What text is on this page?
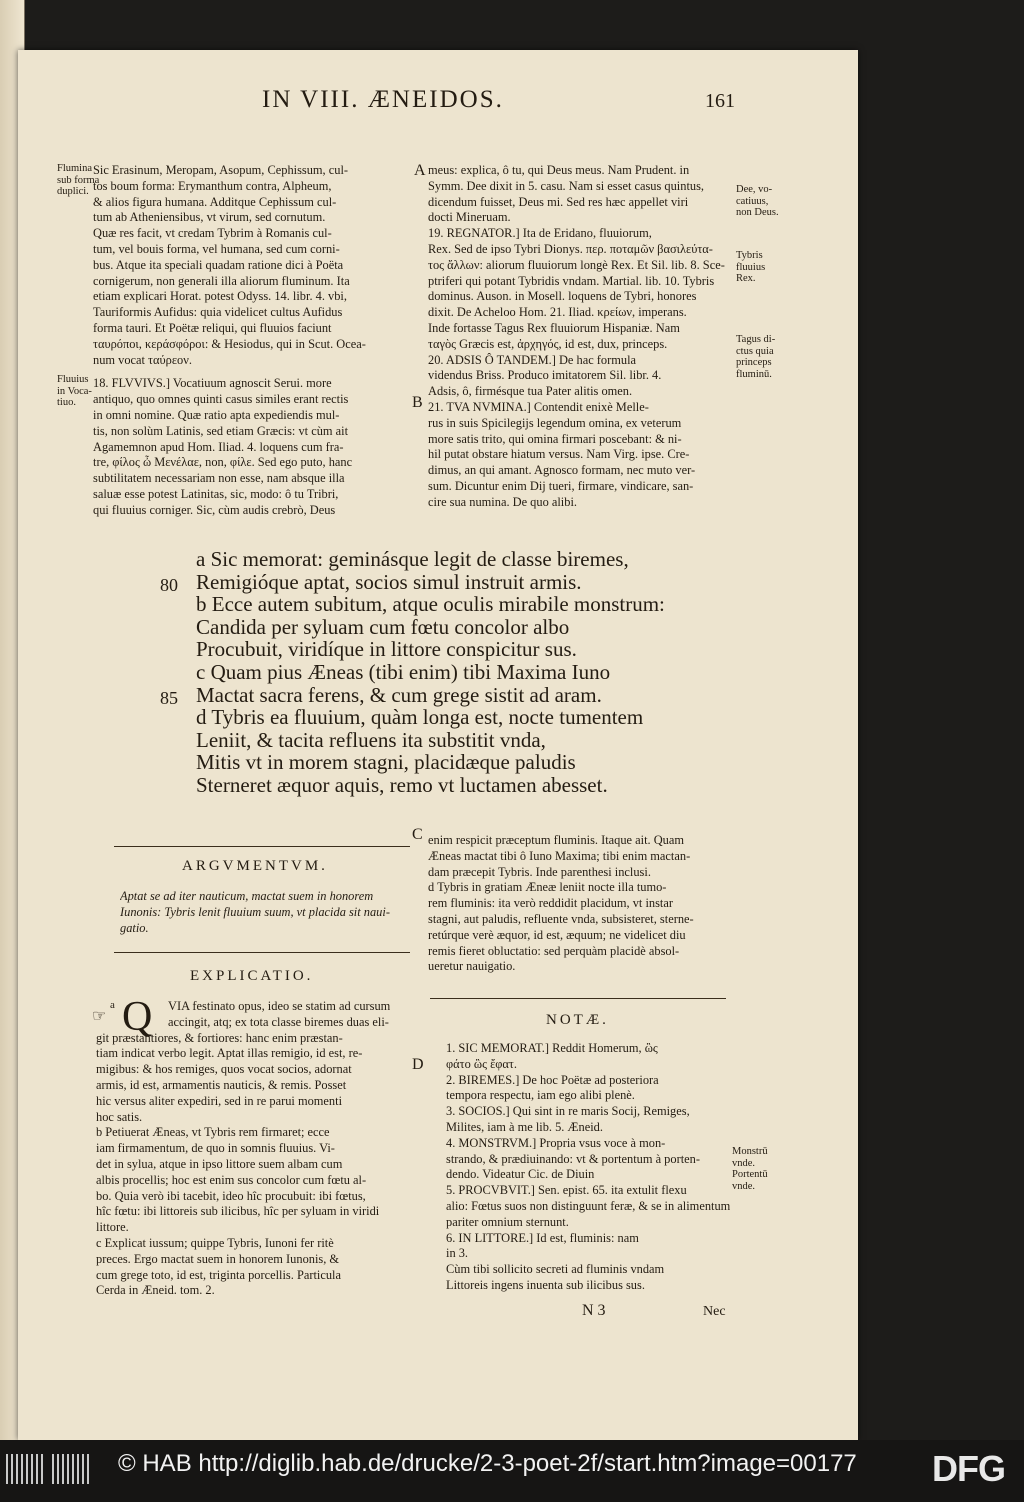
IN VIII. ÆNEIDOS.	161

Sic Erasinum, Meropam, Asopum, Cephissum, cul-

tos boum forma: Erymanthum contra, Alpheum,

& alios figura humana. Additque Cephissum cul-

tum ab Atheniensibus, vt virum, sed cornutum.

Quæ res facit, vt credam Tybrim à Romanis cul-

tum, vel bouis forma, vel humana, sed cum corni-

bus. Atque ita speciali quadam ratione dici à Poëta

cornigerum, non generali illa aliorum fluminum. Ita

etiam explicari Horat. potest Odyss. 14. libr. 4. vbi,

Tauriformis Aufidus: quia videlicet cultus Aufidus

forma tauri. Et Poëtæ reliqui, qui fluuios faciunt

ταυρόποι, κεράσφόροι: & Hesiodus, qui in Scut. Ocea-

num vocat ταύρεον.

18. FLVVIVS.] Vocatiuum agnoscit Serui. more

antiquo, quo omnes quinti casus similes erant rectis

in omni nomine. Quæ ratio apta expediendis mul-

tis, non solùm Latinis, sed etiam Græcis: vt cùm ait

Agamemnon apud Hom. Iliad. 4. loquens cum fra-

tre, φίλος ὦ Μενέλαε, non, φίλε. Sed ego puto, hanc

subtilitatem necessariam non esse, nam absque illa

saluæ esse potest Latinitas, sic, modo: ô tu Tribri,

qui fluuius corniger. Sic, cùm audis crebrò, Deus

meus: explica, ô tu, qui Deus meus. Nam Prudent. in

Symm. Dee dixit in 5. casu. Nam si esset casus quintus,

dicendum fuisset, Deus mi. Sed res hæc appellet viri

docti Mineruam.

19. REGNATOR.] Ita de Eridano, fluuiorum,

Rex. Sed de ipso Tybri Dionys. περ. ποταμῶν βασιλεύτα-

τος ἄλλων: aliorum fluuiorum longè Rex. Et Sil. lib. 8. Sce-

ptriferi qui potant Tybridis vndam. Martial. lib. 10. Tybris

dominus. Auson. in Mosell. loquens de Tybri, honores

dixit. De Acheloo Hom. 21. Iliad. κρείων, imperans.

Inde fortasse Tagus Rex fluuiorum Hispaniæ. Nam

ταγὸς Græcis est, ἀρχηγός, id est, dux, princeps.

20. ADSIS Ô TANDEM.] De hac formula

videndus Briss. Produco imitatorem Sil. libr. 4.

Adsis, ô, firmésque tua Pater alitis omen.

21. TVA NVMINA.] Contendit enixè Melle-

rus in suis Spicilegijs legendum omina, ex veterum

more satis trito, qui omina firmari poscebant: & ni-

hil putat obstare hiatum versus. Nam Virg. ipse. Cre-

dimus, an qui amant. Agnosco formam, nec muto ver-

sum. Dicuntur enim Dij tueri, firmare, vindicare, san-

cire sua numina. De quo alibi.

Flumina
sub forma
duplici.
Fluuius
in Voca-
tiuo.
Dee, vo-
catiuus,
non Deus.
Tybris
fluuius
Rex.
Tagus di-
ctus quia
princeps
fluminū.
A
B
C
D
a Sic memorat: geminásque legit de classe biremes,
Remigióque aptat, socios simul instruit armis.
b Ecce autem subitum, atque oculis mirabile monstrum:
Candida per syluam cum fœtu concolor albo
Procubuit, viridíque in littore conspicitur sus.
c Quam pius Æneas (tibi enim) tibi Maxima Iuno
Mactat sacra ferens, & cum grege sistit ad aram.
d Tybris ea fluuium, quàm longa est, nocte tumentem
Leniit, & tacita refluens ita substitit vnda,
Mitis vt in morem stagni, placidæque paludis
Sterneret æquor aquis, remo vt luctamen abesset.
80
85
ARGVMENTVM.

Aptat se ad iter nauticum, mactat suem in honorem

Iunonis: Tybris lenit fluuium suum, vt placida sit naui-

gatio.

EXPLICATIO.
☞
a Q	VIA festinato opus, ideo se statim ad cursum

accingit, atq; ex tota classe biremes duas eli-

git præstantiores, & fortiores: hanc enim præstan-

tiam indicat verbo legit. Aptat illas remigio, id est, re-

migibus: & hos remiges, quos vocat socios, adornat

armis, id est, armamentis nauticis, & remis. Posset

hic versus aliter expediri, sed in re parui momenti

hoc satis.

b Petiuerat Æneas, vt Tybris rem firmaret; ecce

iam firmamentum, de quo in somnis fluuius. Vi-

det in sylua, atque in ipso littore suem albam cum

albis procellis; hoc est enim sus concolor cum fœtu al-

bo. Quia verò ibi tacebit, ideo hîc procubuit: ibi fœtus,

hîc fœtu: ibi littoreis sub ilicibus, hîc per syluam in viridi

littore.

c Explicat iussum; quippe Tybris, Iunoni fer ritè

preces. Ergo mactat suem in honorem Iunonis, &

cum grege toto, id est, triginta porcellis. Particula

Cerda in Æneid. tom. 2.

enim respicit præceptum fluminis. Itaque ait. Quam

Æneas mactat tibi ô Iuno Maxima; tibi enim mactan-

dam præcepit Tybris. Inde parenthesi inclusi.

d Tybris in gratiam Æneæ leniit nocte illa tumo-

rem fluminis: ita verò reddidit placidum, vt instar

stagni, aut paludis, refluente vnda, subsisteret, sterne-

retúrque verè æquor, id est, æquum; ne videlicet diu

remis fieret obluctatio: sed perquàm placidè absol-

ueretur nauigatio.

NOTÆ.

1. SIC MEMORAT.] Reddit Homerum, ὣς

φάτο ὣς ἔφατ.

2. BIREMES.] De hoc Poëtæ ad posteriora

tempora respectu, iam ego alibi plenè.

3. SOCIOS.] Qui sint in re maris Socij, Remiges,

Milites, iam à me lib. 5. Æneid.

4. MONSTRVM.] Propria vsus voce à mon-

strando, & prædiuinando: vt & portentum à porten-

dendo. Videatur Cic. de Diuin

5. PROCVBVIT.] Sen. epist. 65. ita extulit flexu

alio: Fœtus suos non distinguunt feræ, & se in alimentum

pariter omnium sternunt.

6. IN LITTORE.] Id est, fluminis: nam

in 3.

Cùm tibi sollicito secreti ad fluminis vndam

Littoreis ingens inuenta sub ilicibus sus.

Monstrū
vnde.
Portentū
vnde.
N 3	Nec
© HAB http://diglib.hab.de/drucke/2-3-poet-2f/start.htm?image=00177 DFG
